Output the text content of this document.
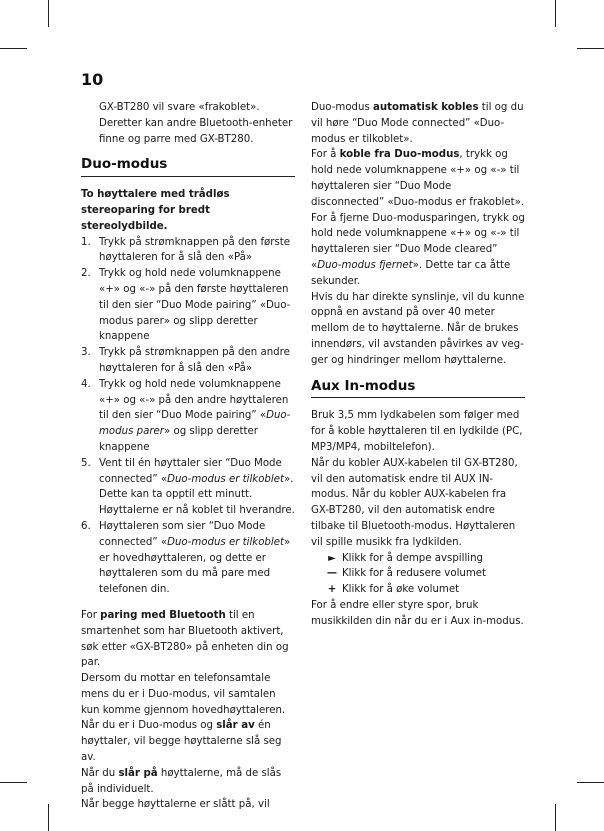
10

GX-BT280 vil svare «frakoblet». Deretter kan andre Bluetooth-enheter finne og parre med GX-BT280.

Duo-modus

To høyttalere med trådløs stereoparing for bredt stereolydbilde.

1. Trykk på strømknappen på den første høyttaleren for å slå den «På»
2. Trykk og hold nede volumknappene «+» og «-» på den første høyttaleren til den sier “Duo Mode pairing” «Duo-modus parer» og slipp deretter knappene
3. Trykk på strømknappen på den andre høyttaleren for å slå den «På»
4. Trykk og hold nede volumknappene «+» og «-» på den andre høyttaleren til den sier “Duo Mode pairing” «Duo-modus parer» og slipp deretter knappene
5. Vent til én høyttaler sier “Duo Mode connected” «Duo-modus er tilkoblet». Dette kan ta opptil ett minutt. Høyttalerne er nå koblet til hverandre.
6. Høyttaleren som sier “Duo Mode connected” «Duo-modus er tilkoblet» er hovedhøyttaleren, og dette er høyttaleren som du må pare med telefonen din.

For paring med Bluetooth til en smartenhet som har Bluetooth aktivert, søk etter «GX-BT280» på enheten din og par.

Dersom du mottar en telefonsamtale mens du er i Duo-modus, vil samtalen kun komme gjennom hovedhøyttaleren.

Når du er i Duo-modus og slår av én høyttaler, vil begge høyttalerne slå seg av.

Når du slår på høyttalerne, må de slås på individuelt.

Når begge høyttalerne er slått på, vil

Duo-modus automatisk kobles til og du vil høre “Duo Mode connected” «Duo-modus er tilkoblet».

For å koble fra Duo-modus, trykk og hold nede volumknappene «+» og «-» til høyttaleren sier “Duo Mode disconnected” «Duo-modus er frakoblet».

For å fjerne Duo-modusparingen, trykk og hold nede volumknappene «+» og «-» til høyttaleren sier “Duo Mode cleared” «Duo-modus fjernet». Dette tar ca åtte sekunder.

Hvis du har direkte synslinje, vil du kunne oppnå en avstand på over 40 meter mellom de to høyttalerne. Når de brukes innendørs, vil avstanden påvirkes av veg-ger og hindringer mellom høyttalerne.

Aux In-modus

Bruk 3,5 mm lydkabelen som følger med for å koble høyttaleren til en lydkilde (PC, MP3/MP4, mobiltelefon).

Når du kobler AUX-kabelen til GX-BT280, vil den automatisk endre til AUX IN-modus. Når du kobler AUX-kabelen fra GX-BT280, vil den automatisk endre tilbake til Bluetooth-modus. Høyttaleren vil spille musikk fra lydkilden.

► Klikk for å dempe avspilling

— Klikk for å redusere volumet

+ Klikk for å øke volumet

For å endre eller styre spor, bruk musikkilden din når du er i Aux in-modus.
